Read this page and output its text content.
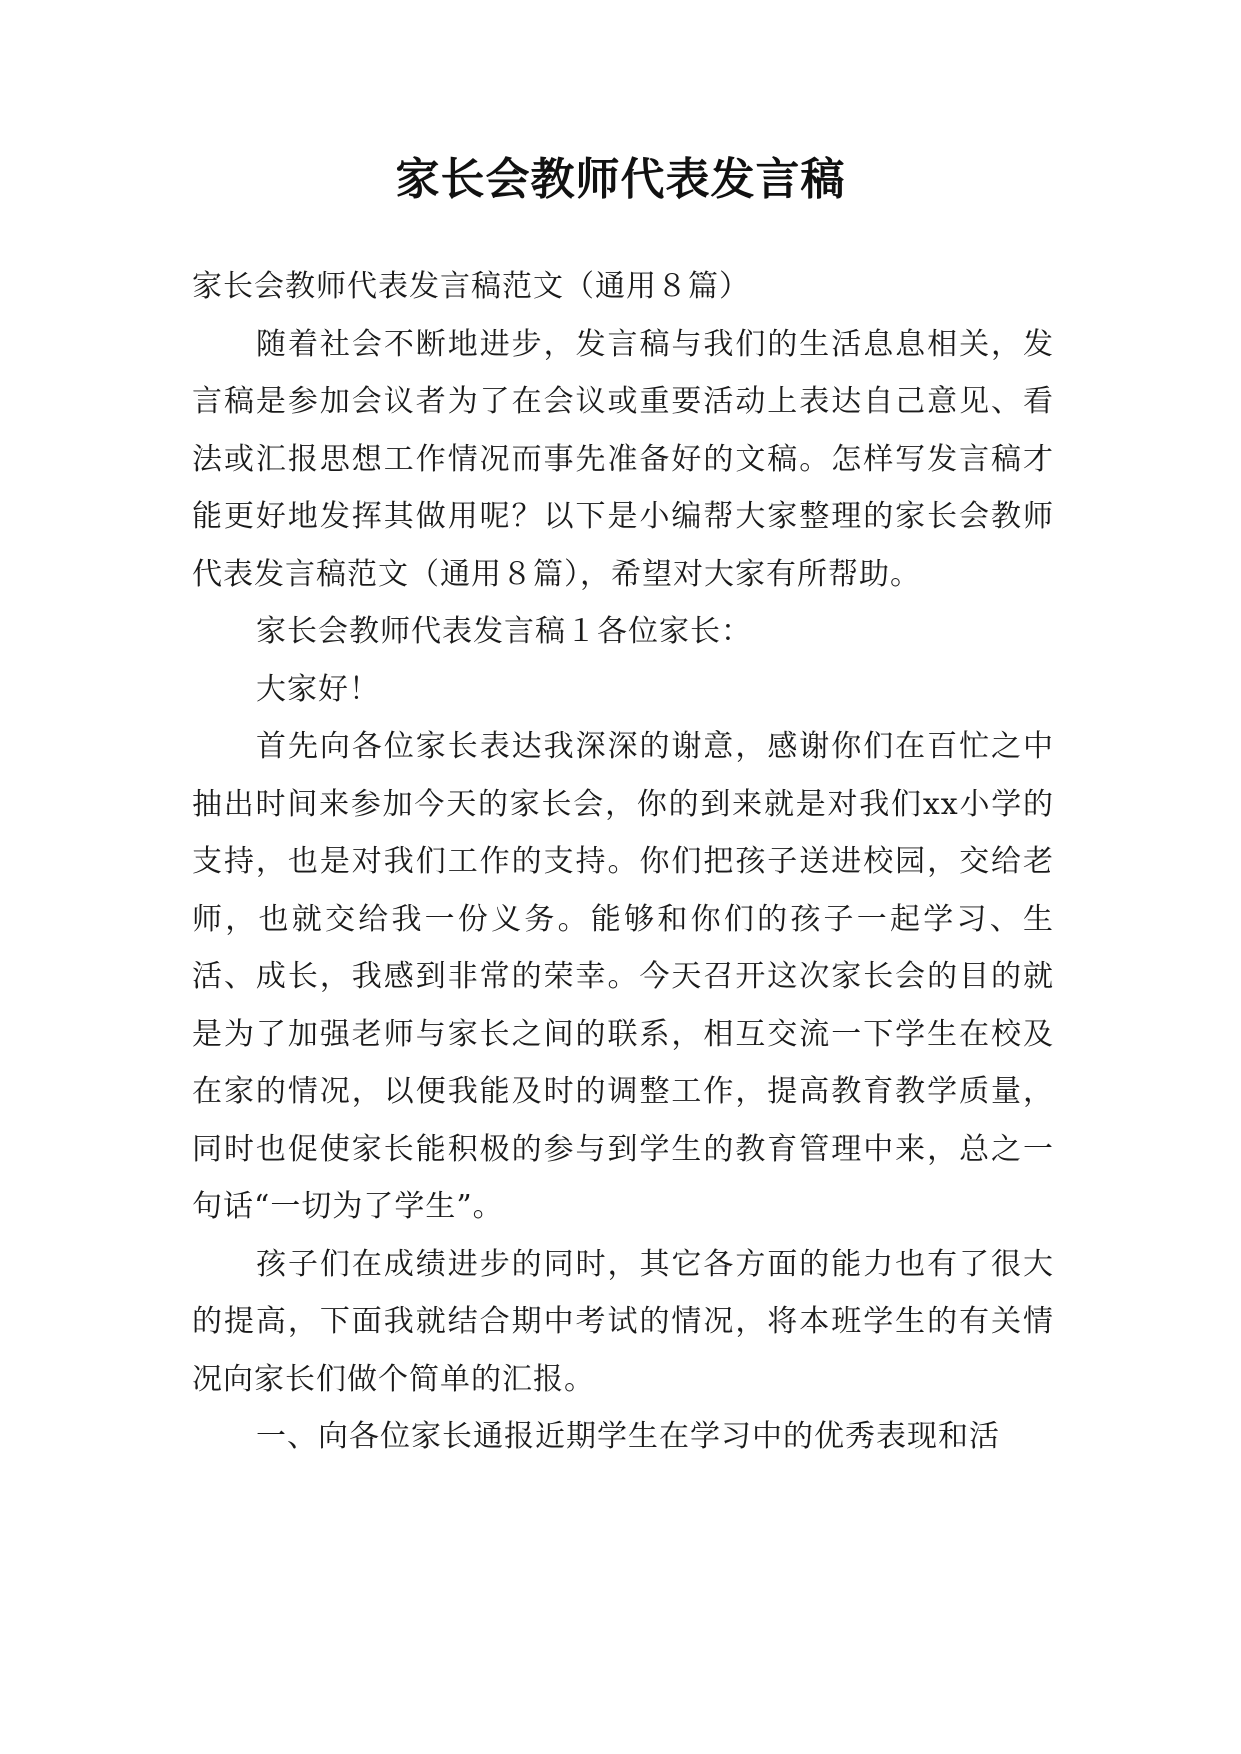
家长会教师代表发言稿

家长会教师代表发言稿范文（通用８篇）

随着社会不断地进步，发言稿与我们的生活息息相关，发言稿是参加会议者为了在会议或重要活动上表达自己意见、看法或汇报思想工作情况而事先准备好的文稿。怎样写发言稿才能更好地发挥其做用呢？以下是小编帮大家整理的家长会教师代表发言稿范文（通用８篇），希望对大家有所帮助。

家长会教师代表发言稿１各位家长：

大家好！

首先向各位家长表达我深深的谢意，感谢你们在百忙之中抽出时间来参加今天的家长会，你的到来就是对我们xx小学的支持，也是对我们工作的支持。你们把孩子送进校园，交给老师，也就交给我一份义务。能够和你们的孩子一起学习、生活、成长，我感到非常的荣幸。今天召开这次家长会的目的就是为了加强老师与家长之间的联系，相互交流一下学生在校及在家的情况，以便我能及时的调整工作，提高教育教学质量，同时也促使家长能积极的参与到学生的教育管理中来，总之一句话“一切为了学生”。

孩子们在成绩进步的同时，其它各方面的能力也有了很大的提高，下面我就结合期中考试的情况，将本班学生的有关情况向家长们做个简单的汇报。

一、向各位家长通报近期学生在学习中的优秀表现和活
